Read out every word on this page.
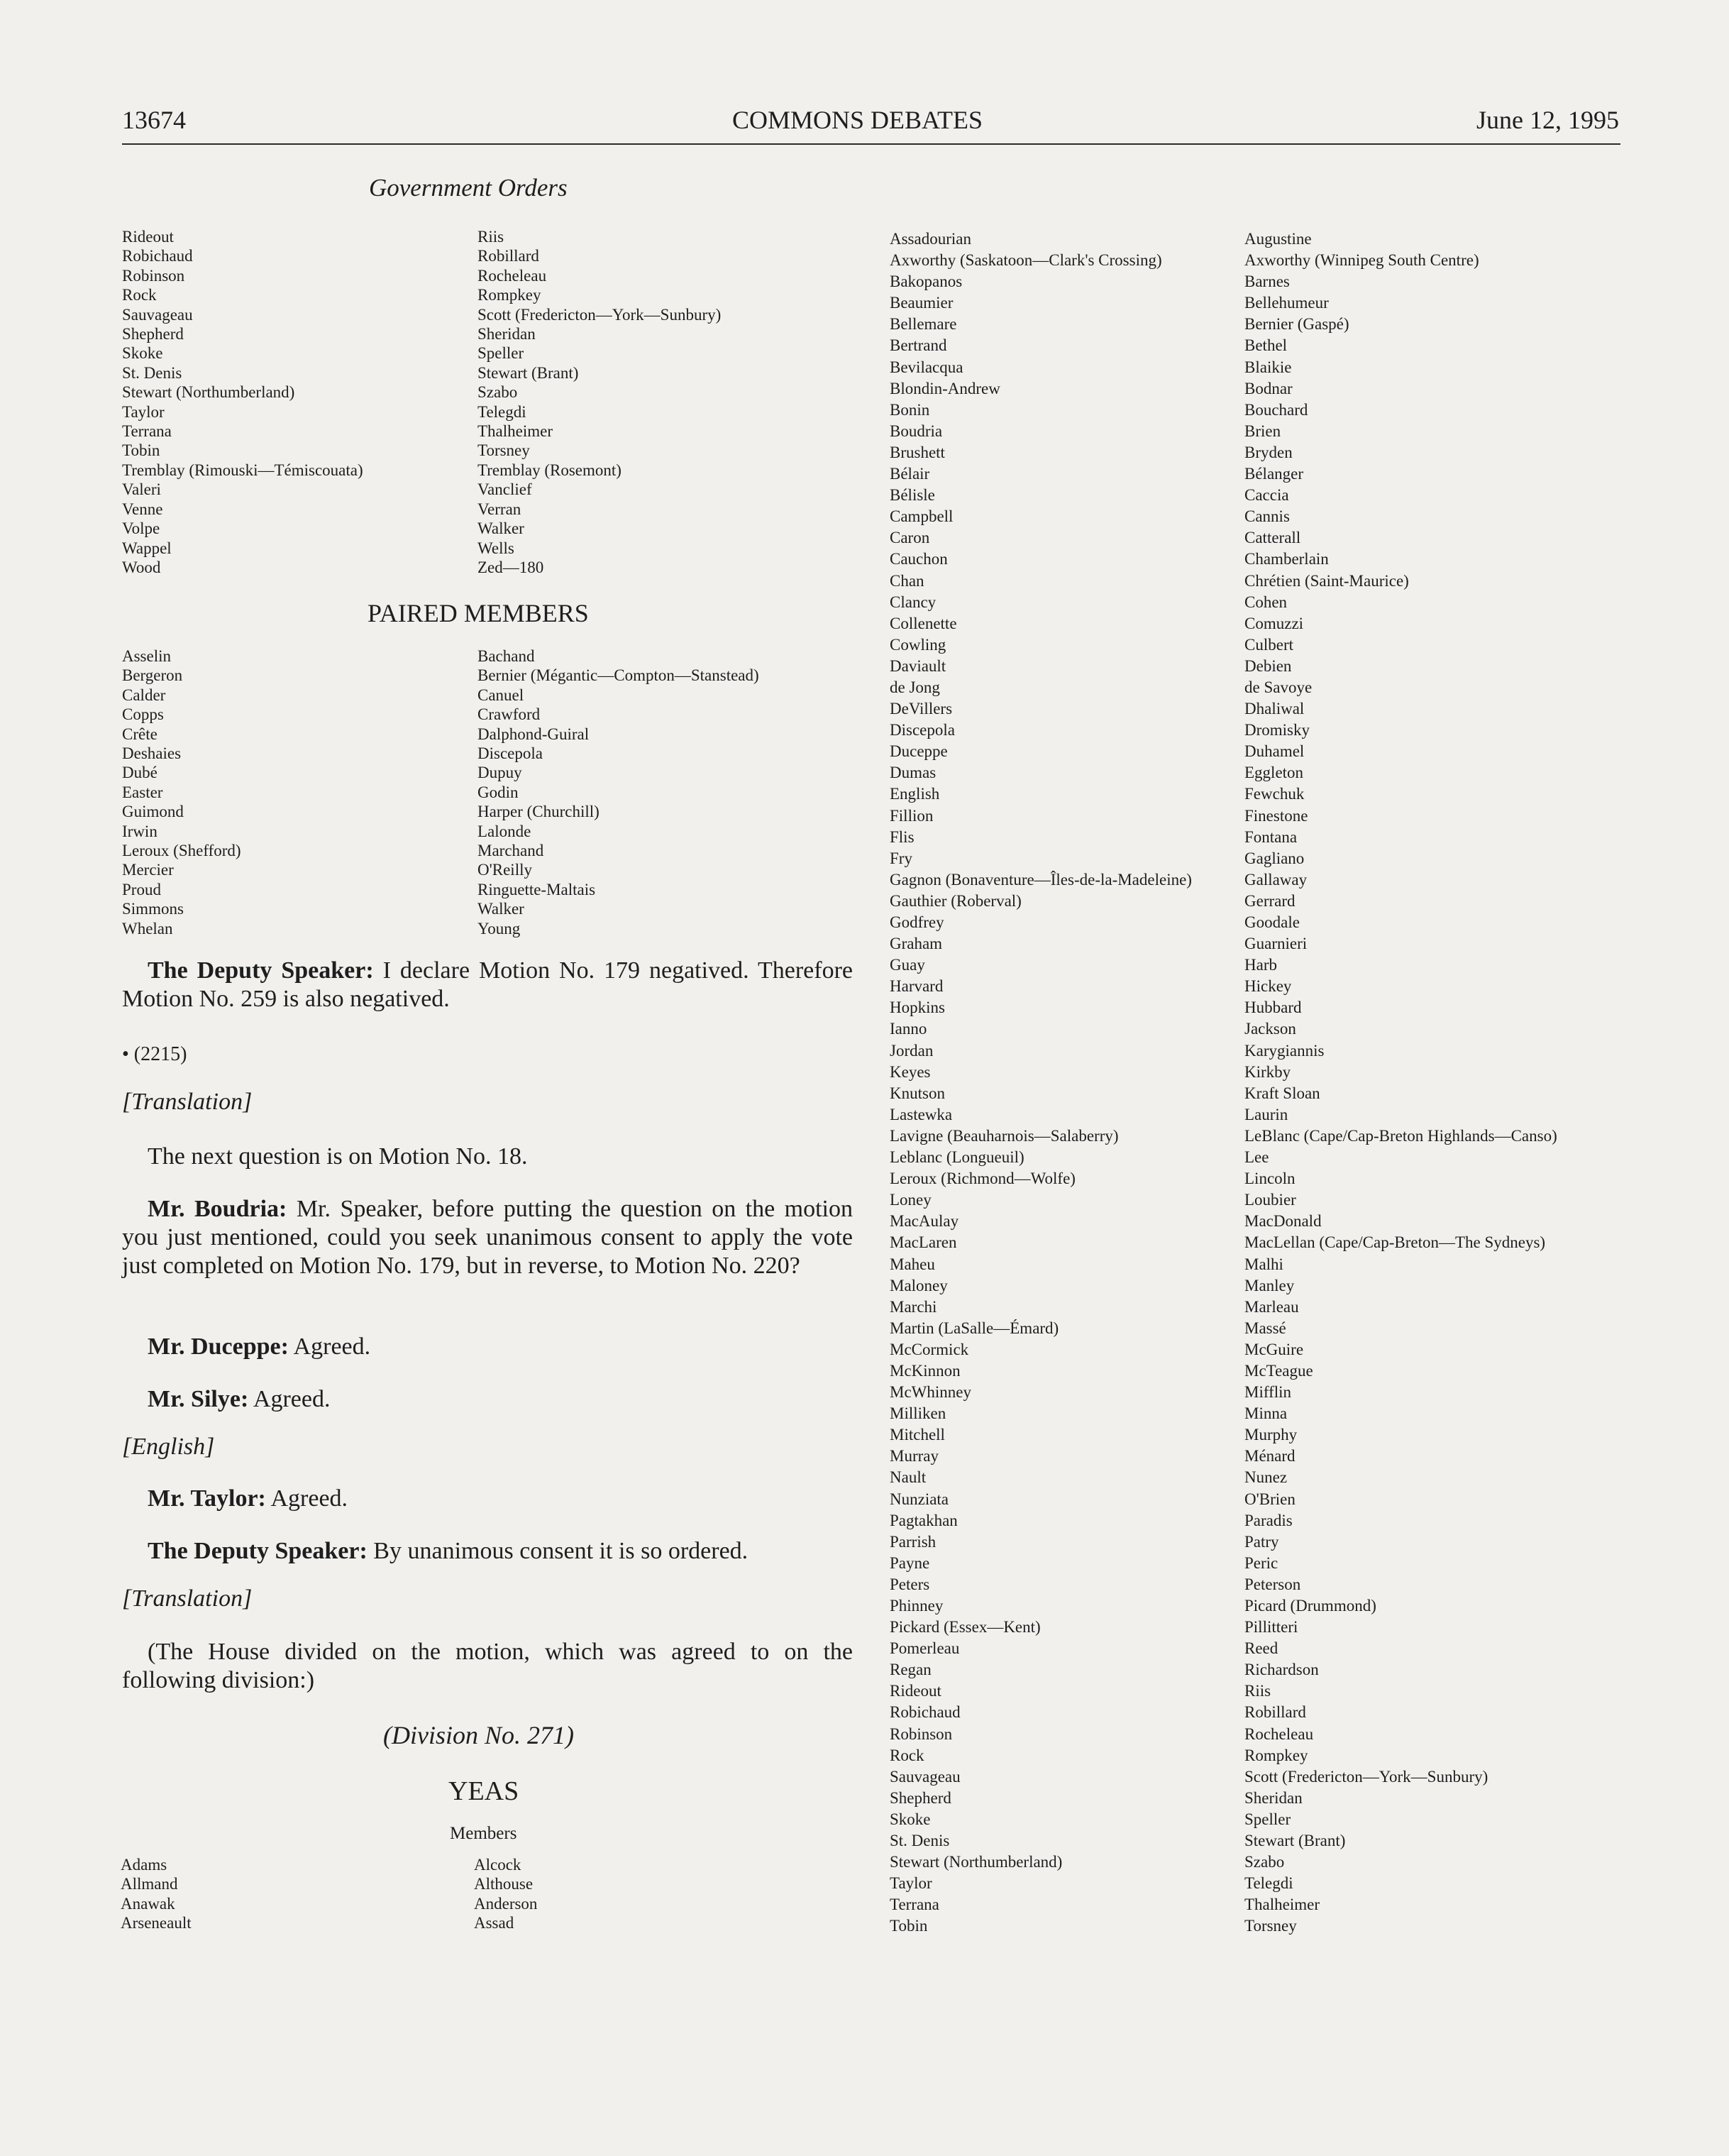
13674	COMMONS DEBATES	June 12, 1995
Government Orders
Rideout
Robichaud
Robinson
Rock
Sauvageau
Shepherd
Skoke
St. Denis
Stewart (Northumberland)
Taylor
Terrana
Tobin
Tremblay (Rimouski—Témiscouata)
Valeri
Venne
Volpe
Wappel
Wood
Riis
Robillard
Rocheleau
Rompkey
Scott (Fredericton—York—Sunbury)
Sheridan
Speller
Stewart (Brant)
Szabo
Telegdi
Thalheimer
Torsney
Tremblay (Rosemont)
Vanclief
Verran
Walker
Wells
Zed—180
PAIRED MEMBERS
Asselin
Bergeron
Calder
Copps
Crête
Deshaies
Dubé
Easter
Guimond
Irwin
Leroux (Shefford)
Mercier
Proud
Simmons
Whelan
Bachand
Bernier (Mégantic—Compton—Stanstead)
Canuel
Crawford
Dalphond-Guiral
Discepola
Dupuy
Godin
Harper (Churchill)
Lalonde
Marchand
O'Reilly
Ringuette-Maltais
Walker
Young

The Deputy Speaker: I declare Motion No. 179 negatived. Therefore Motion No. 259 is also negatived.

• (2215)
[Translation]

The next question is on Motion No. 18.

Mr. Boudria: Mr. Speaker, before putting the question on the motion you just mentioned, could you seek unanimous consent to apply the vote just completed on Motion No. 179, but in reverse, to Motion No. 220?

Mr. Duceppe: Agreed.

Mr. Silye: Agreed.

[English]

Mr. Taylor: Agreed.

The Deputy Speaker: By unanimous consent it is so ordered.

[Translation]

(The House divided on the motion, which was agreed to on the following division:)

(Division No. 271)
YEAS
Members
Adams
Allmand
Anawak
Arseneault
Alcock
Althouse
Anderson
Assad
Assadourian
Axworthy (Saskatoon—Clark's Crossing)
Bakopanos
Beaumier
Bellemare
Bertrand
Bevilacqua
Blondin-Andrew
Bonin
Boudria
Brushett
Bélair
Bélisle
Campbell
Caron
Cauchon
Chan
Clancy
Collenette
Cowling
Daviault
de Jong
DeVillers
Discepola
Duceppe
Dumas
English
Fillion
Flis
Fry
Gagnon (Bonaventure—Îles-de-la-Madeleine)
Gauthier (Roberval)
Godfrey
Graham
Guay
Harvard
Hopkins
Ianno
Jordan
Keyes
Knutson
Lastewka
Lavigne (Beauharnois—Salaberry)
Leblanc (Longueuil)
Leroux (Richmond—Wolfe)
Loney
MacAulay
MacLaren
Maheu
Maloney
Marchi
Martin (LaSalle—Émard)
McCormick
McKinnon
McWhinney
Milliken
Mitchell
Murray
Nault
Nunziata
Pagtakhan
Parrish
Payne
Peters
Phinney
Pickard (Essex—Kent)
Pomerleau
Regan
Rideout
Robichaud
Robinson
Rock
Sauvageau
Shepherd
Skoke
St. Denis
Stewart (Northumberland)
Taylor
Terrana
Tobin
Augustine
Axworthy (Winnipeg South Centre)
Barnes
Bellehumeur
Bernier (Gaspé)
Bethel
Blaikie
Bodnar
Bouchard
Brien
Bryden
Bélanger
Caccia
Cannis
Catterall
Chamberlain
Chrétien (Saint-Maurice)
Cohen
Comuzzi
Culbert
Debien
de Savoye
Dhaliwal
Dromisky
Duhamel
Eggleton
Fewchuk
Finestone
Fontana
Gagliano
Gallaway
Gerrard
Goodale
Guarnieri
Harb
Hickey
Hubbard
Jackson
Karygiannis
Kirkby
Kraft Sloan
Laurin
LeBlanc (Cape/Cap-Breton Highlands—Canso)
Lee
Lincoln
Loubier
MacDonald
MacLellan (Cape/Cap-Breton—The Sydneys)
Malhi
Manley
Marleau
Massé
McGuire
McTeague
Mifflin
Minna
Murphy
Ménard
Nunez
O'Brien
Paradis
Patry
Peric
Peterson
Picard (Drummond)
Pillitteri
Reed
Richardson
Riis
Robillard
Rocheleau
Rompkey
Scott (Fredericton—York—Sunbury)
Sheridan
Speller
Stewart (Brant)
Szabo
Telegdi
Thalheimer
Torsney
